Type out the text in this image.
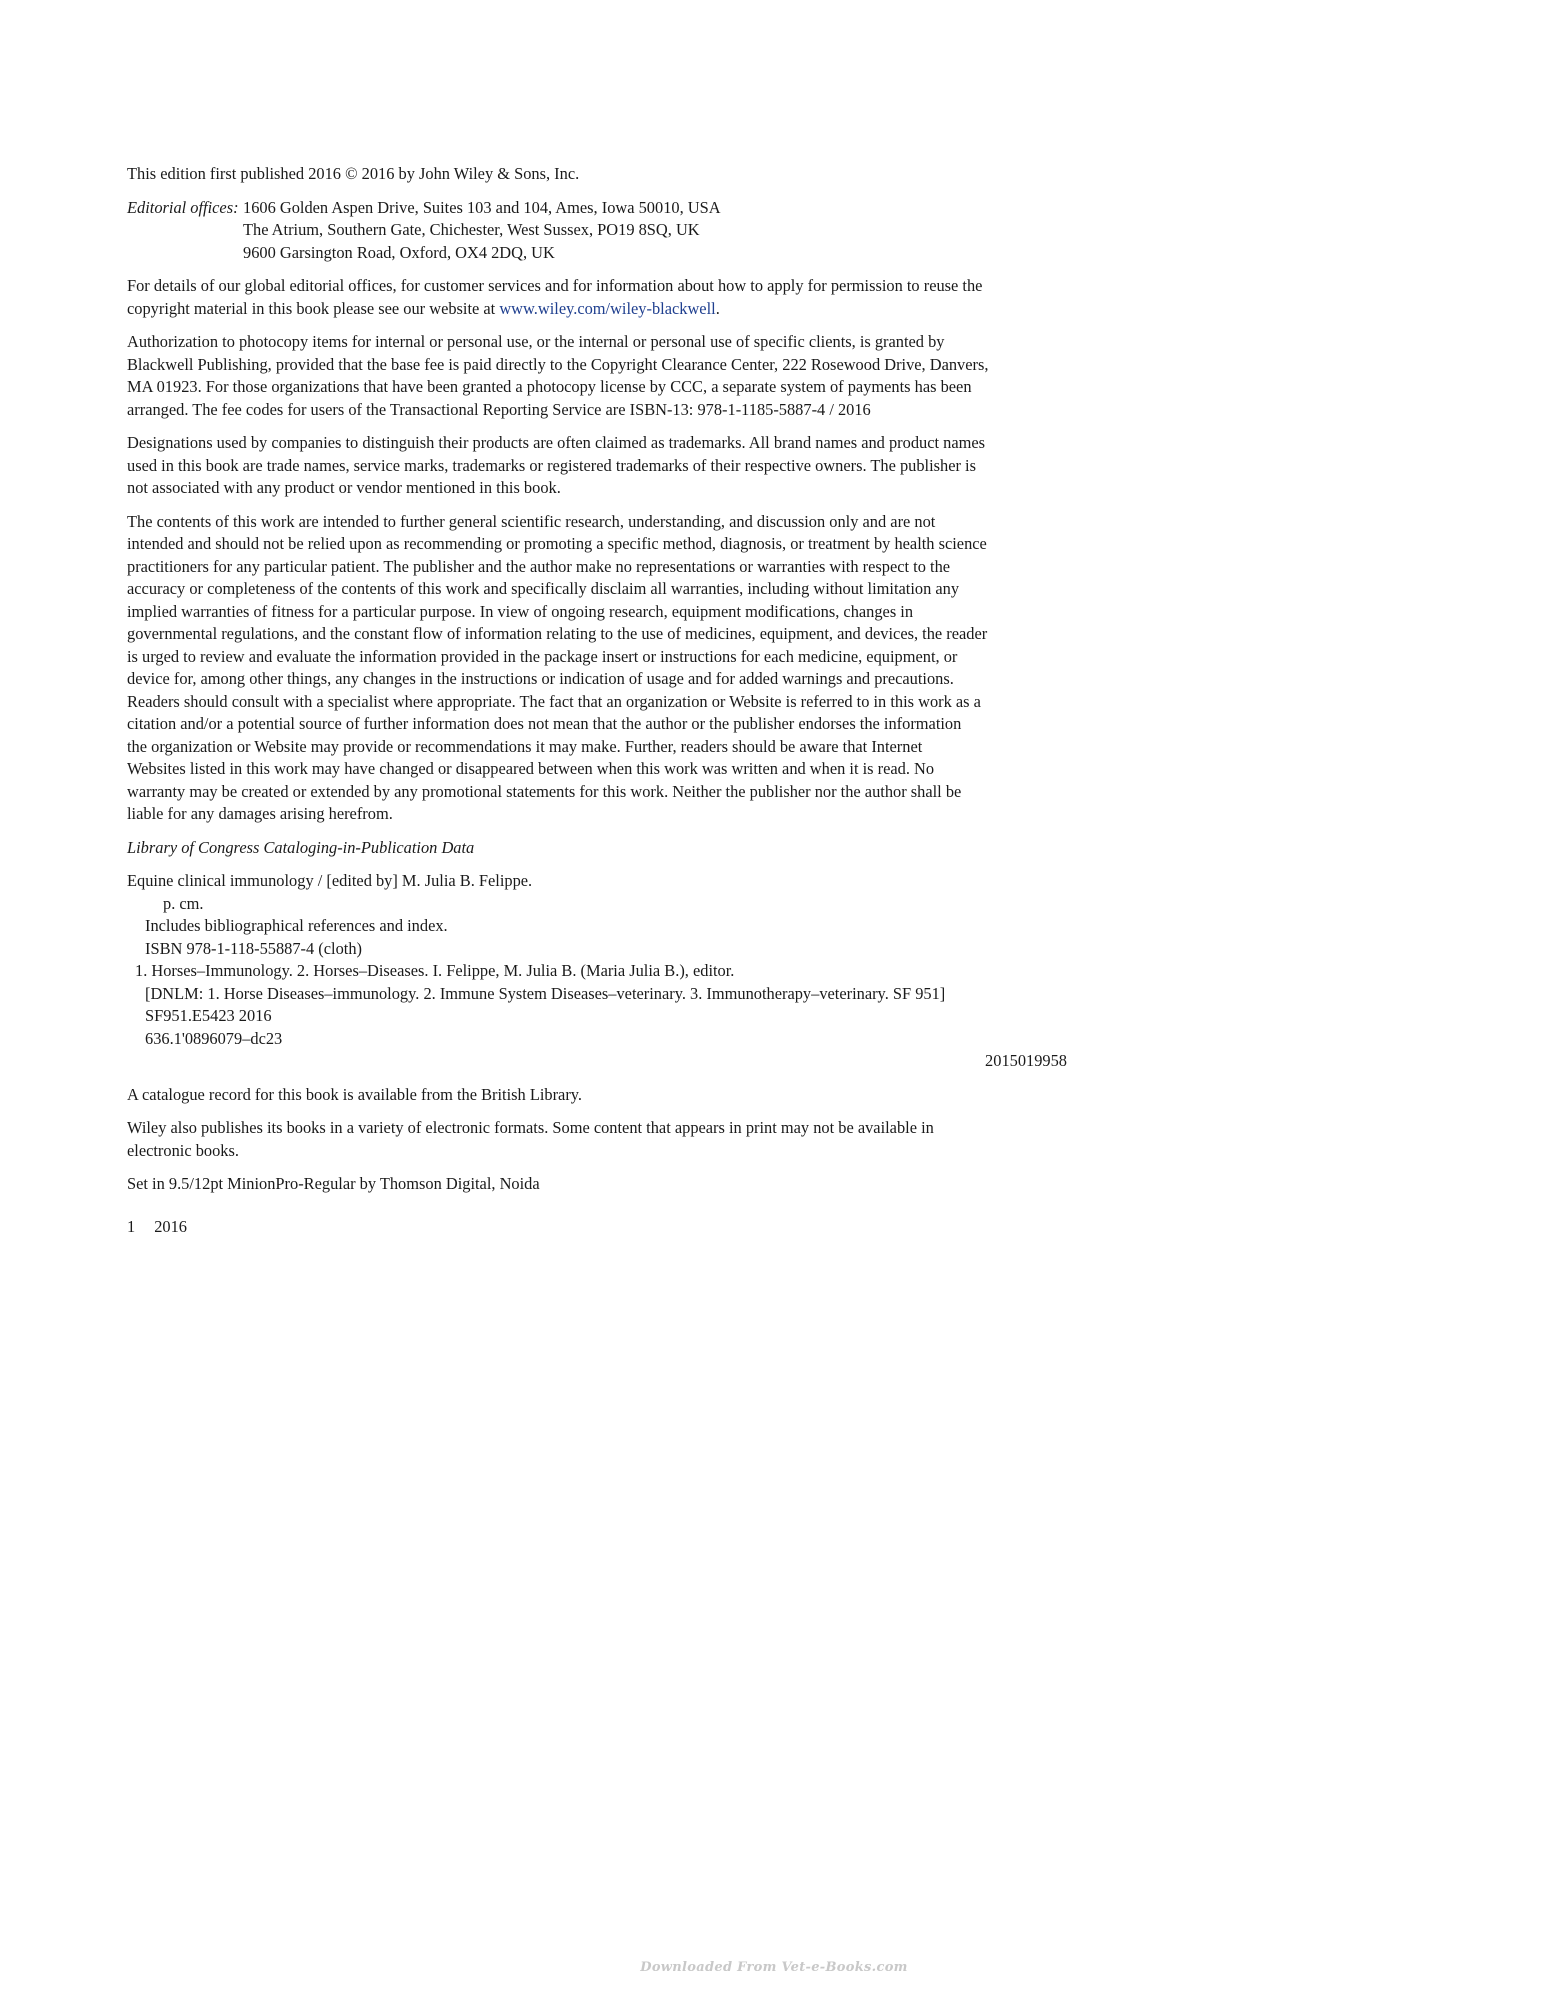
This edition first published 2016 © 2016 by John Wiley & Sons, Inc.

Editorial offices: 1606 Golden Aspen Drive, Suites 103 and 104, Ames, Iowa 50010, USA
The Atrium, Southern Gate, Chichester, West Sussex, PO19 8SQ, UK
9600 Garsington Road, Oxford, OX4 2DQ, UK

For details of our global editorial offices, for customer services and for information about how to apply for permission to reuse the
copyright material in this book please see our website at www.wiley.com/wiley-blackwell.

Authorization to photocopy items for internal or personal use, or the internal or personal use of specific clients, is granted by
Blackwell Publishing, provided that the base fee is paid directly to the Copyright Clearance Center, 222 Rosewood Drive, Danvers,
MA 01923. For those organizations that have been granted a photocopy license by CCC, a separate system of payments has been
arranged. The fee codes for users of the Transactional Reporting Service are ISBN-13: 978-1-1185-5887-4 / 2016

Designations used by companies to distinguish their products are often claimed as trademarks. All brand names and product names
used in this book are trade names, service marks, trademarks or registered trademarks of their respective owners. The publisher is
not associated with any product or vendor mentioned in this book.

The contents of this work are intended to further general scientific research, understanding, and discussion only and are not
intended and should not be relied upon as recommending or promoting a specific method, diagnosis, or treatment by health science
practitioners for any particular patient. The publisher and the author make no representations or warranties with respect to the
accuracy or completeness of the contents of this work and specifically disclaim all warranties, including without limitation any
implied warranties of fitness for a particular purpose. In view of ongoing research, equipment modifications, changes in
governmental regulations, and the constant flow of information relating to the use of medicines, equipment, and devices, the reader
is urged to review and evaluate the information provided in the package insert or instructions for each medicine, equipment, or
device for, among other things, any changes in the instructions or indication of usage and for added warnings and precautions.
Readers should consult with a specialist where appropriate. The fact that an organization or Website is referred to in this work as a
citation and/or a potential source of further information does not mean that the author or the publisher endorses the information
the organization or Website may provide or recommendations it may make. Further, readers should be aware that Internet
Websites listed in this work may have changed or disappeared between when this work was written and when it is read. No
warranty may be created or extended by any promotional statements for this work. Neither the publisher nor the author shall be
liable for any damages arising herefrom.

Library of Congress Cataloging-in-Publication Data

Equine clinical immunology / [edited by] M. Julia B. Felippe.
p. cm.
Includes bibliographical references and index.
ISBN 978-1-118-55887-4 (cloth)
1. Horses–Immunology. 2. Horses–Diseases. I. Felippe, M. Julia B. (Maria Julia B.), editor.
[DNLM: 1. Horse Diseases–immunology. 2. Immune System Diseases–veterinary. 3. Immunotherapy–veterinary. SF 951]
SF951.E5423 2016
636.1'0896079–dc23
2015019958

A catalogue record for this book is available from the British Library.

Wiley also publishes its books in a variety of electronic formats. Some content that appears in print may not be available in
electronic books.

Set in 9.5/12pt MinionPro-Regular by Thomson Digital, Noida

1 2016
Downloaded From Vet-e-Books.com
